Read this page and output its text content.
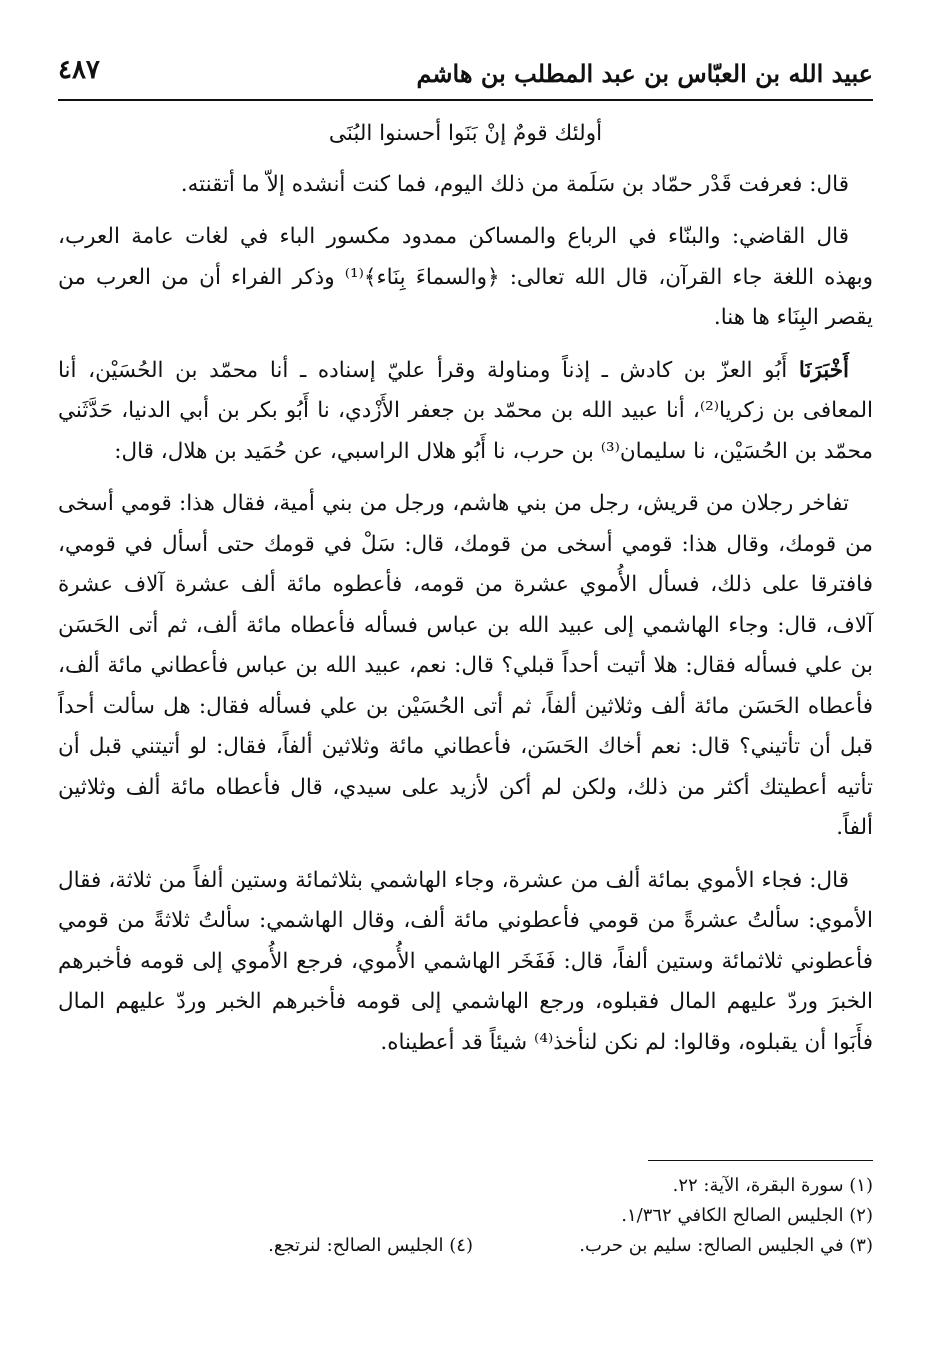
عبيد الله بن العبّاس بن عبد المطلب بن هاشم
٤٨٧

أولئك قومٌ إنْ بَنَوا أحسنوا البُنَى

قال: فعرفت قَدْر حمّاد بن سَلَمة من ذلك اليوم، فما كنت أنشده إلاّ ما أتقنته.

قال القاضي: والبنّاء في الرباع والمساكن ممدود مكسور الباء في لغات عامة العرب، وبهذه اللغة جاء القرآن، قال الله تعالى: ﴿والسماءَ بِنَاء﴾⁽¹⁾ وذكر الفراء أن من العرب من يقصر البِنَاء ها هنا.

أَخْبَرَنَا أَبُو العزّ بن كادش ـ إذناً ومناولة وقرأ عليّ إسناده ـ أنا محمّد بن الحُسَيْن، أنا المعافى بن زكريا⁽²⁾، أنا عبيد الله بن محمّد بن جعفر الأَزْدي، نا أَبُو بكر بن أبي الدنيا، حَدَّثَني محمّد بن الحُسَيْن، نا سليمان⁽³⁾ بن حرب، نا أَبُو هلال الراسبي، عن حُمَيد بن هلال، قال:

تفاخر رجلان من قريش، رجل من بني هاشم، ورجل من بني أمية، فقال هذا: قومي أسخى من قومك، وقال هذا: قومي أسخى من قومك، قال: سَلْ في قومك حتى أسأل في قومي، فافترقا على ذلك، فسأل الأُموي عشرة من قومه، فأعطوه مائة ألف عشرة آلاف عشرة آلاف، قال: وجاء الهاشمي إلى عبيد الله بن عباس فسأله فأعطاه مائة ألف، ثم أتى الحَسَن بن علي فسأله فقال: هلا أتيت أحداً قبلي؟ قال: نعم، عبيد الله بن عباس فأعطاني مائة ألف، فأعطاه الحَسَن مائة ألف وثلاثين ألفاً، ثم أتى الحُسَيْن بن علي فسأله فقال: هل سألت أحداً قبل أن تأتيني؟ قال: نعم أخاك الحَسَن، فأعطاني مائة وثلاثين ألفاً، فقال: لو أتيتني قبل أن تأتيه أعطيتك أكثر من ذلك، ولكن لم أكن لأزيد على سيدي، قال فأعطاه مائة ألف وثلاثين ألفاً.

قال: فجاء الأموي بمائة ألف من عشرة، وجاء الهاشمي بثلاثمائة وستين ألفاً من ثلاثة، فقال الأموي: سألتُ عشرةً من قومي فأعطوني مائة ألف، وقال الهاشمي: سألتُ ثلاثةً من قومي فأعطوني ثلاثمائة وستين ألفاً، قال: فَفَخَر الهاشمي الأُموي، فرجع الأُموي إلى قومه فأخبرهم الخبرَ وردّ عليهم المال فقبلوه، ورجع الهاشمي إلى قومه فأخبرهم الخبر وردّ عليهم المال فأَبَوا أن يقبلوه، وقالوا: لم نكن لنأخذ⁽⁴⁾ شيئاً قد أعطيناه.

(١) سورة البقرة، الآية: ٢٢.
(٢) الجليس الصالح الكافي ١/٣٦٢.
(٣) في الجليس الصالح: سليم بن حرب.
(٤) الجليس الصالح: لنرتجع.
